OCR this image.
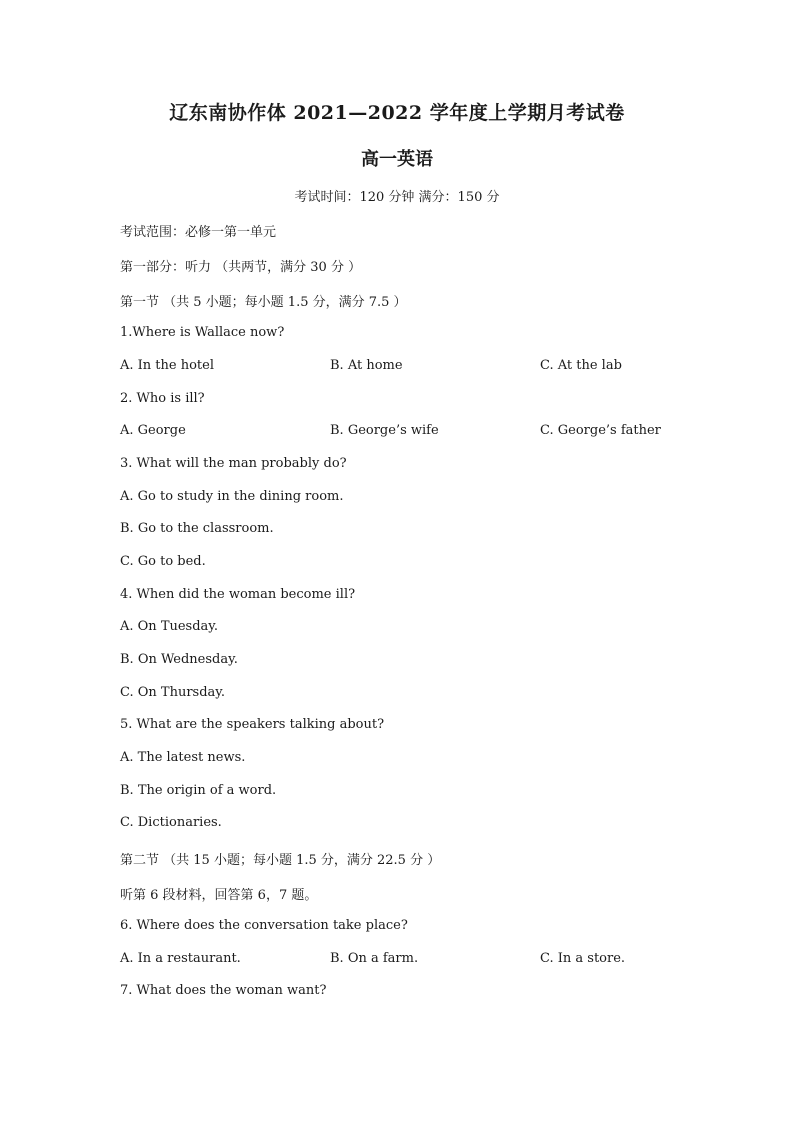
辽东南协作体 2021—2022 学年度上学期月考试卷
高一英语
考试时间：120 分钟 满分：150 分
考试范围：必修一第一单元
第一部分：听力 （共两节，满分 30 分 ）
第一节 （共 5 小题；每小题 1.5 分，满分 7.5 ）
1.Where is Wallace now?
A. In the hotel	B. At home	C. At the lab
2. Who is ill?
A. George	B. George’s wife	C. George’s father
3. What will the man probably do?
A. Go to study in the dining room.
B. Go to the classroom.
C. Go to bed.
4. When did the woman become ill?
A. On Tuesday.
B. On Wednesday.
C. On Thursday.
5. What are the speakers talking about?
A. The latest news.
B. The origin of a word.
C. Dictionaries.
第二节 （共 15 小题；每小题 1.5 分，满分 22.5 分 ）
听第 6 段材料，回答第 6，7 题。
6. Where does the conversation take place?
A. In a restaurant.	B. On a farm.	C. In a store.
7. What does the woman want?
